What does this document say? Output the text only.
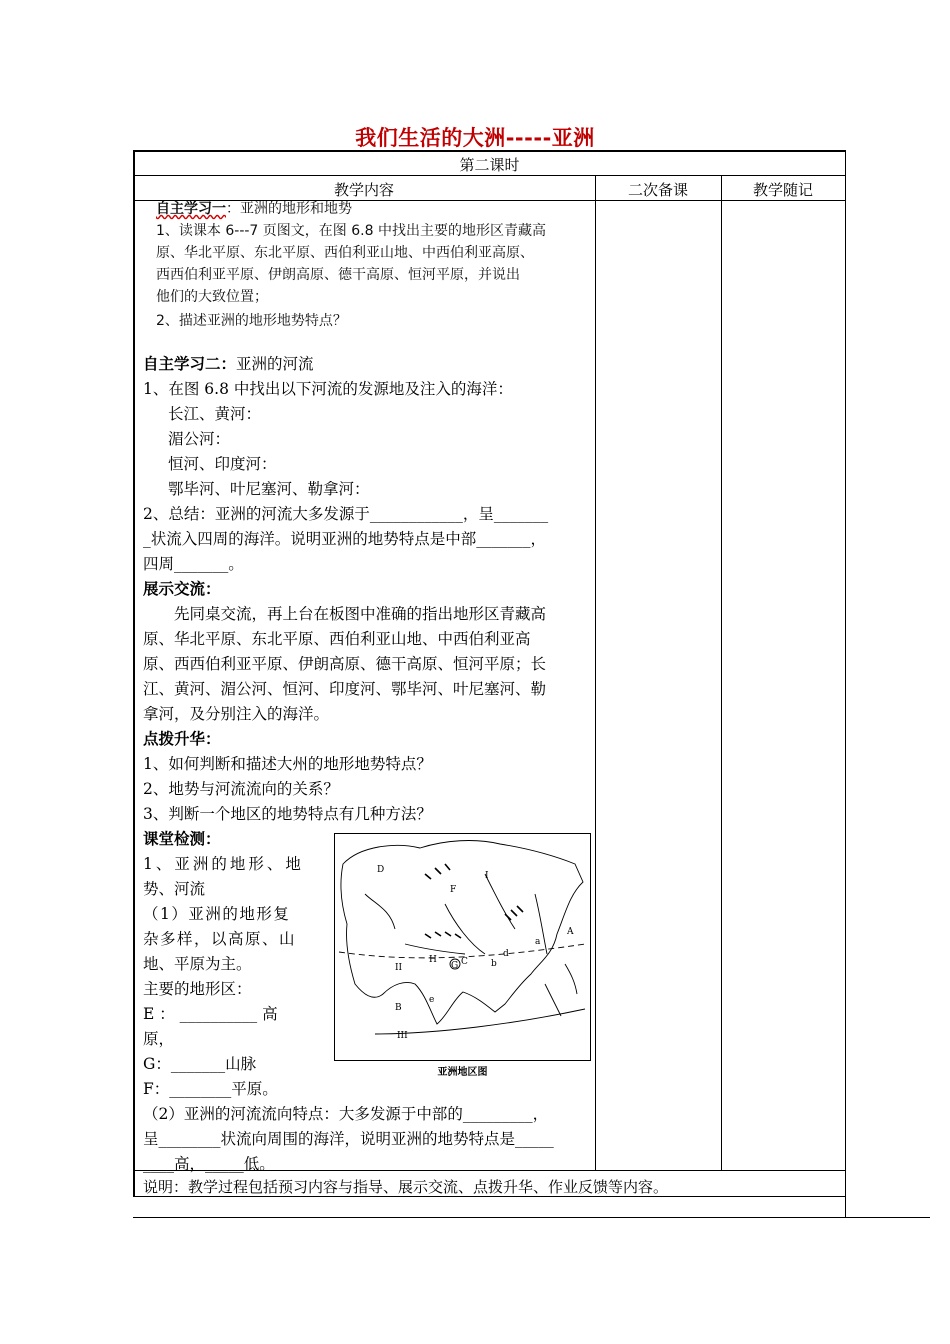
我们生活的大洲-----亚洲
第二课时
教学内容	二次备课	教学随记
自主学习一：亚洲的地形和地势
1、读课本 6---7 页图文，在图 6.8 中找出主要的地形区青藏高
原、华北平原、东北平原、西伯利亚山地、中西伯利亚高原、
西西伯利亚平原、伊朗高原、德干高原、恒河平原，并说出
他们的大致位置；
2、描述亚洲的地形地势特点？
自主学习二：亚洲的河流
1、在图 6.8 中找出以下河流的发源地及注入的海洋：
长江、黄河：
湄公河：
恒河、印度河：
鄂毕河、叶尼塞河、勒拿河：
2、总结：亚洲的河流大多发源于____________，呈_______
_状流入四周的海洋。说明亚洲的地势特点是中部_______，
四周_______。
展示交流：
先同桌交流，再上台在板图中准确的指出地形区青藏高
原、华北平原、东北平原、西伯利亚山地、中西伯利亚高
原、西西伯利亚平原、伊朗高原、德干高原、恒河平原；长
江、黄河、湄公河、恒河、印度河、鄂毕河、叶尼塞河、勒
拿河，及分别注入的海洋。
点拨升华：
1、如何判断和描述大州的地形地势特点？
2、地势与河流流向的关系？
3、判断一个地区的地势特点有几种方法？
课堂检测：
1、亚洲的地形、地
势、河流
（1）亚洲的地形复
杂多样，以高原、山
地、平原为主。
主要的地形区：
E ： __________ 高
原，
G：_______山脉
F：________平原。
（2）亚洲的河流流向特点：大多发源于中部的_________，
呈________状流向周围的海洋，说明亚洲的地势特点是_____
____高，_____低。
D
F
I
A
II
a
H
G C
d
b
B
e
III
亚洲地区图
说明：教学过程包括预习内容与指导、展示交流、点拨升华、作业反馈等内容。
